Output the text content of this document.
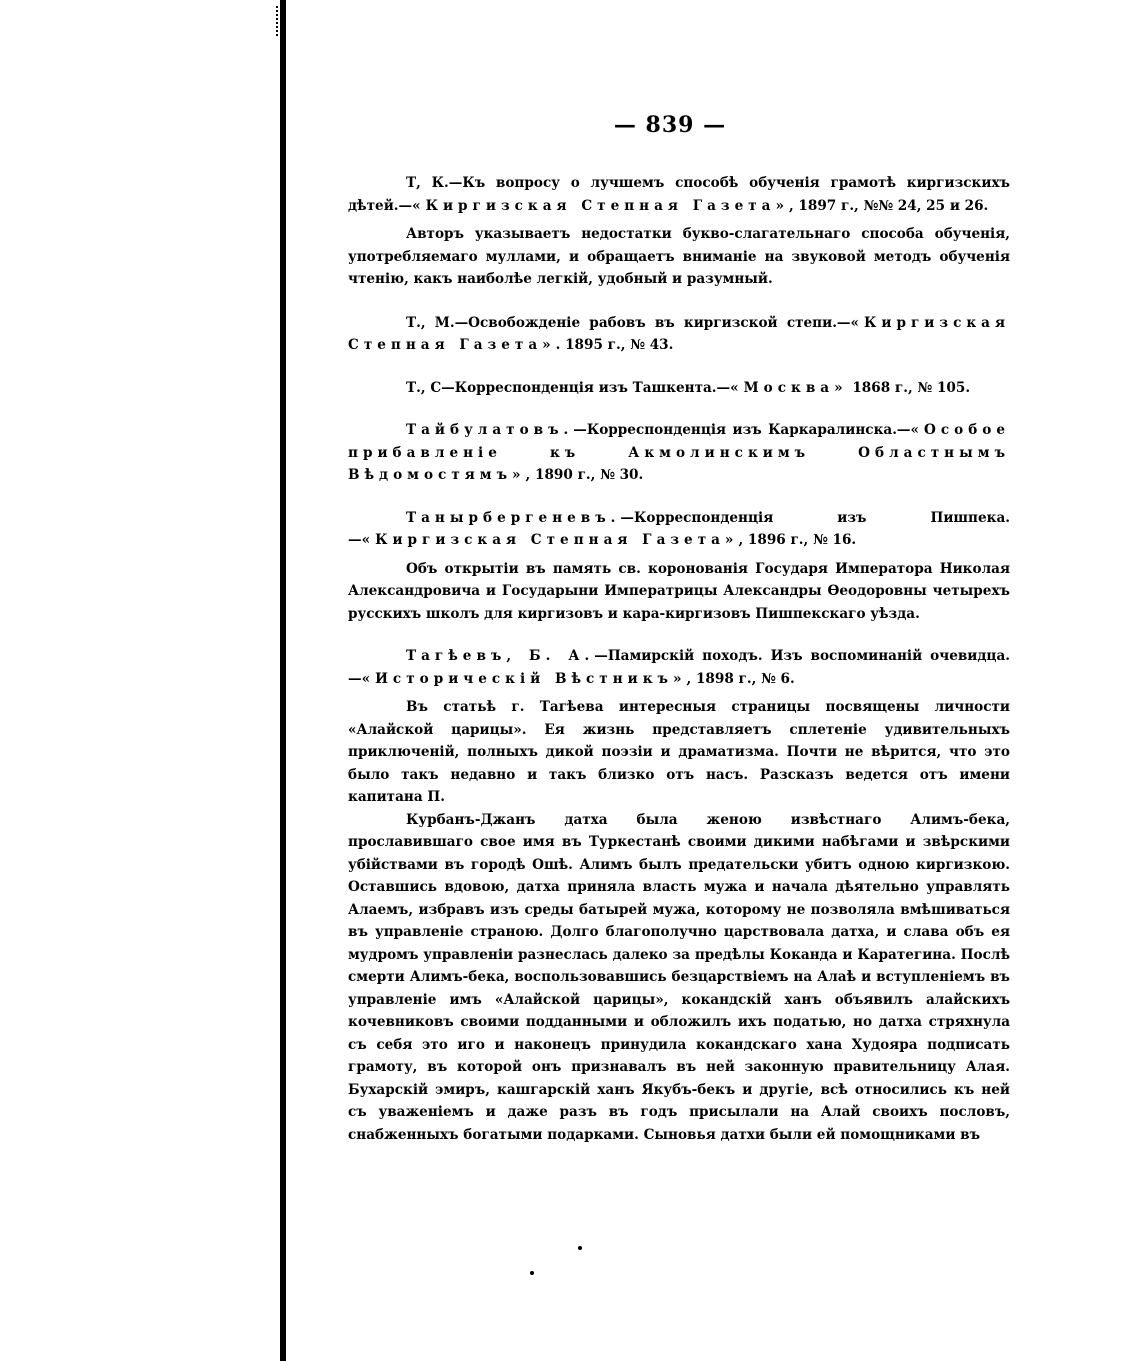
— 839 —

Т, К.—Къ вопросу о лучшемъ способѣ обученія грамотѣ киргизскихъ дѣтей.—«Киргизская Степная Газета», 1897 г., №№ 24, 25 и 26.

Авторъ указываетъ недостатки букво-слагательнаго способа обученія, употребляемаго муллами, и обращаетъ вниманіе на звуковой методъ обученія чтенію, какъ наиболѣе легкій, удобный и разумный.

Т., М.—Освобожденіе рабовъ въ киргизской степи.—«Киргизская Степная Газета». 1895 г., № 43.

Т., С—Корреспонденція изъ Ташкента.—«Москва» 1868 г., № 105.

Тайбулатовъ.—Корреспонденція изъ Каркаралинска.—«Особое прибавленіе къ Акмолинскимъ Областнымъ Вѣдомостямъ», 1890 г., № 30.

Танырбергеневъ.—Корреспонденція изъ Пишпека.—«Киргизская Степная Газета», 1896 г., № 16.

Объ открытіи въ память св. коронованія Государя Императора Николая Александровича и Государыни Императрицы Александры Өеодоровны четырехъ русскихъ школъ для киргизовъ и кара-киргизовъ Пишпекскаго уѣзда.

Тагѣевъ, Б. А.—Памирскій походъ. Изъ воспоминаній очевидца.—«Историческій Вѣстникъ», 1898 г., № 6.

Въ статьѣ г. Тагѣева интересныя страницы посвящены личности «Алайской царицы». Ея жизнь представляетъ сплетеніе удивительныхъ приключеній, полныхъ дикой поэзіи и драматизма. Почти не вѣрится, что это было такъ недавно и такъ близко отъ насъ. Разсказъ ведется отъ имени капитана П.

Курбанъ-Джанъ датха была женою извѣстнаго Алимъ-бека, прославившаго свое имя въ Туркестанѣ своими дикими набѣгами и звѣрскими убійствами въ городѣ Ошѣ. Алимъ былъ предательски убитъ одною киргизкою. Оставшись вдовою, датха приняла власть мужа и начала дѣятельно управлять Алаемъ, избравъ изъ среды батырей мужа, которому не позволяла вмѣшиваться въ управленіе страною. Долго благополучно царствовала датха, и слава объ ея мудромъ управленіи разнеслась далеко за предѣлы Коканда и Каратегина. Послѣ смерти Алимъ-бека, воспользовавшись безцарствіемъ на Алаѣ и вступленіемъ въ управленіе имъ «Алайской царицы», кокандскій ханъ объявилъ алайскихъ кочевниковъ своими подданными и обложилъ ихъ податью, но датха стряхнула съ себя это иго и наконецъ принудила кокандскаго хана Худояра подписать грамоту, въ которой онъ признавалъ въ ней законную правительницу Алая. Бухарскій эмиръ, кашгарскій ханъ Якубъ-бекъ и другіе, всѣ относились къ ней съ уваженіемъ и даже разъ въ годъ присылали на Алай своихъ пословъ, снабженныхъ богатыми подарками. Сыновья датхи были ей помощниками въ
